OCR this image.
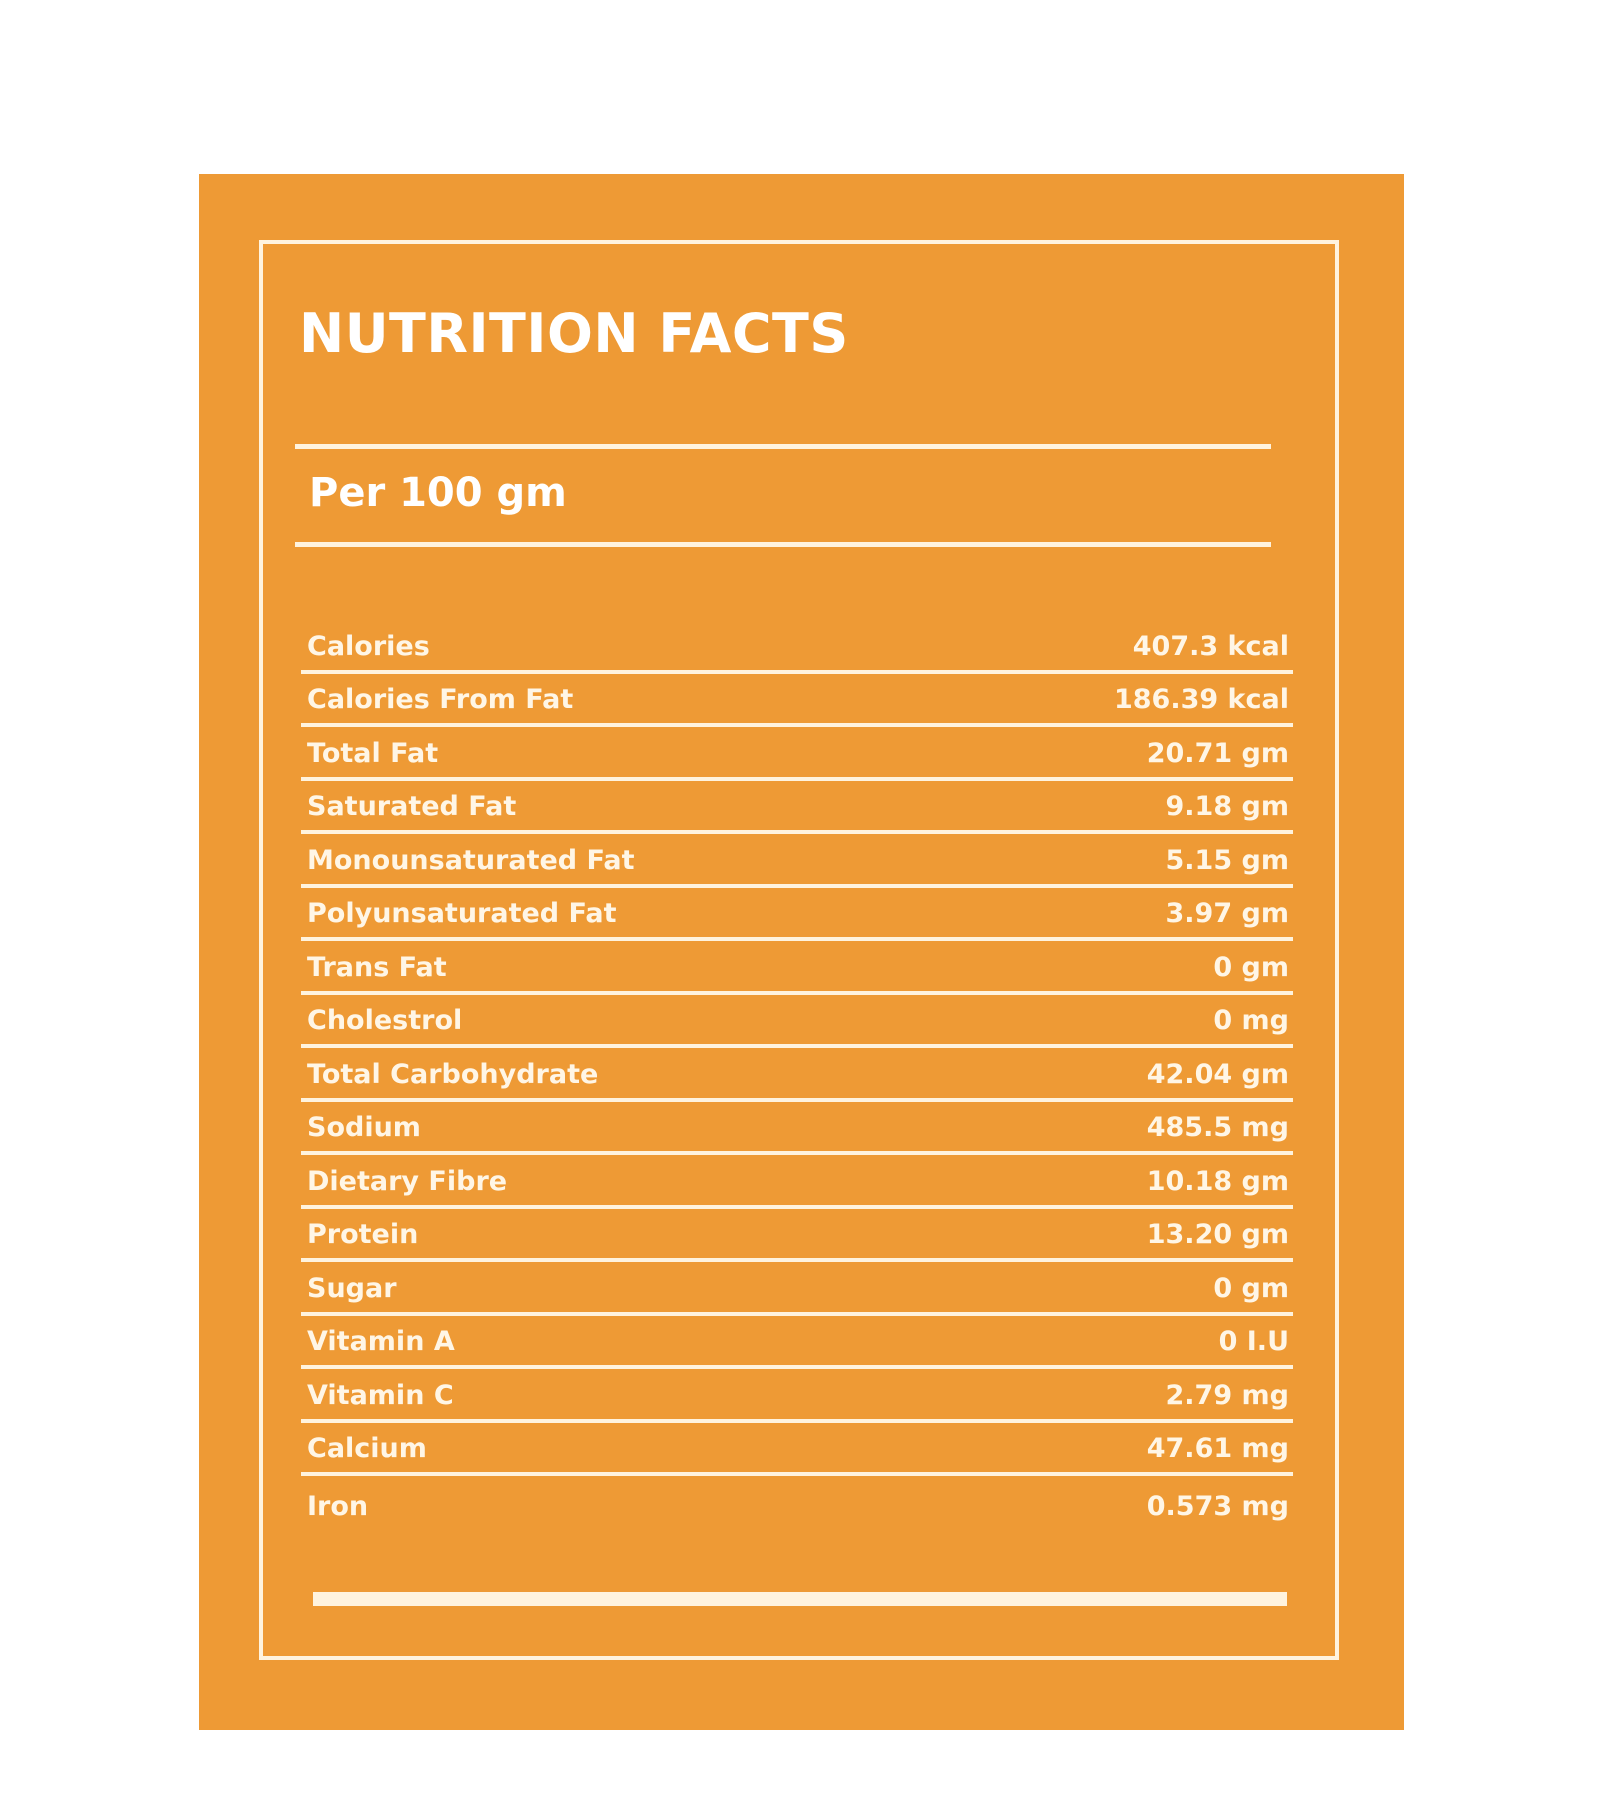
NUTRITION FACTS

Per 100 gm

Calories	407.3 kcal
Calories From Fat	186.39 kcal
Total Fat	20.71 gm
Saturated Fat	9.18 gm
Monounsaturated Fat	5.15 gm
Polyunsaturated Fat	3.97 gm
Trans Fat	0 gm
Cholestrol	0 mg
Total Carbohydrate	42.04 gm
Sodium	485.5 mg
Dietary Fibre	10.18 gm
Protein	13.20 gm
Sugar	0 gm
Vitamin A	0 I.U
Vitamin C	2.79 mg
Calcium	47.61 mg
Iron	0.573 mg
